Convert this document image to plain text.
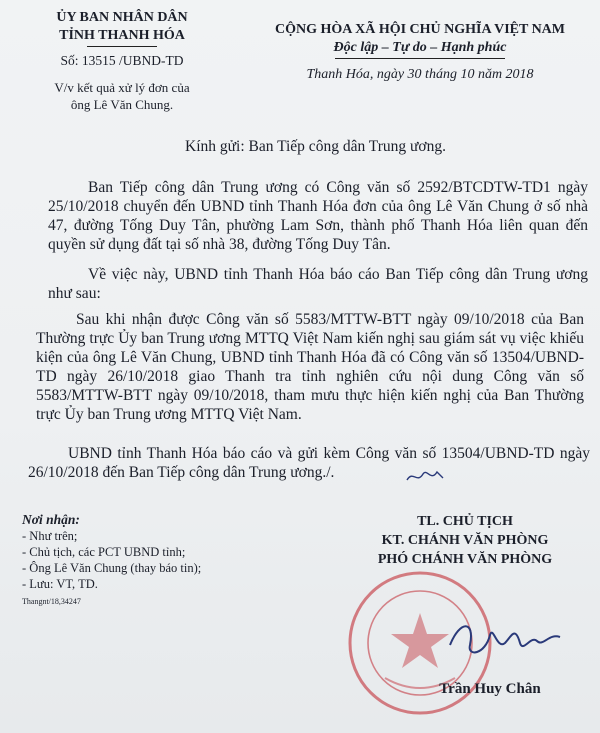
ỦY BAN NHÂN DÂN
TỈNH THANH HÓA
Số: 13515 /UBND-TD
V/v kết quả xử lý đơn của
ông Lê Văn Chung.
CỘNG HÒA XÃ HỘI CHỦ NGHĨA VIỆT NAM
Độc lập – Tự do – Hạnh phúc
Thanh Hóa, ngày 30 tháng 10 năm 2018
Kính gửi: Ban Tiếp công dân Trung ương.
Ban Tiếp công dân Trung ương có Công văn số 2592/BTCDTW-TD1 ngày 25/10/2018 chuyển đến UBND tỉnh Thanh Hóa đơn của ông Lê Văn Chung ở số nhà 47, đường Tống Duy Tân, phường Lam Sơn, thành phố Thanh Hóa liên quan đến quyền sử dụng đất tại số nhà 38, đường Tống Duy Tân.
Về việc này, UBND tỉnh Thanh Hóa báo cáo Ban Tiếp công dân Trung ương như sau:
Sau khi nhận được Công văn số 5583/MTTW-BTT ngày 09/10/2018 của Ban Thường trực Ủy ban Trung ương MTTQ Việt Nam kiến nghị sau giám sát vụ việc khiếu kiện của ông Lê Văn Chung, UBND tỉnh Thanh Hóa đã có Công văn số 13504/UBND-TD ngày 26/10/2018 giao Thanh tra tỉnh nghiên cứu nội dung Công văn số 5583/MTTW-BTT ngày 09/10/2018, tham mưu thực hiện kiến nghị của Ban Thường trực Ủy ban Trung ương MTTQ Việt Nam.
UBND tỉnh Thanh Hóa báo cáo và gửi kèm Công văn số 13504/UBND-TD ngày 26/10/2018 đến Ban Tiếp công dân Trung ương./.
Nơi nhận:
- Như trên;
- Chủ tịch, các PCT UBND tỉnh;
- Ông Lê Văn Chung (thay báo tin);
- Lưu: VT, TD.
Thangnt/18,34247
TL. CHỦ TỊCH
KT. CHÁNH VĂN PHÒNG
PHÓ CHÁNH VĂN PHÒNG
Trần Huy Chân
